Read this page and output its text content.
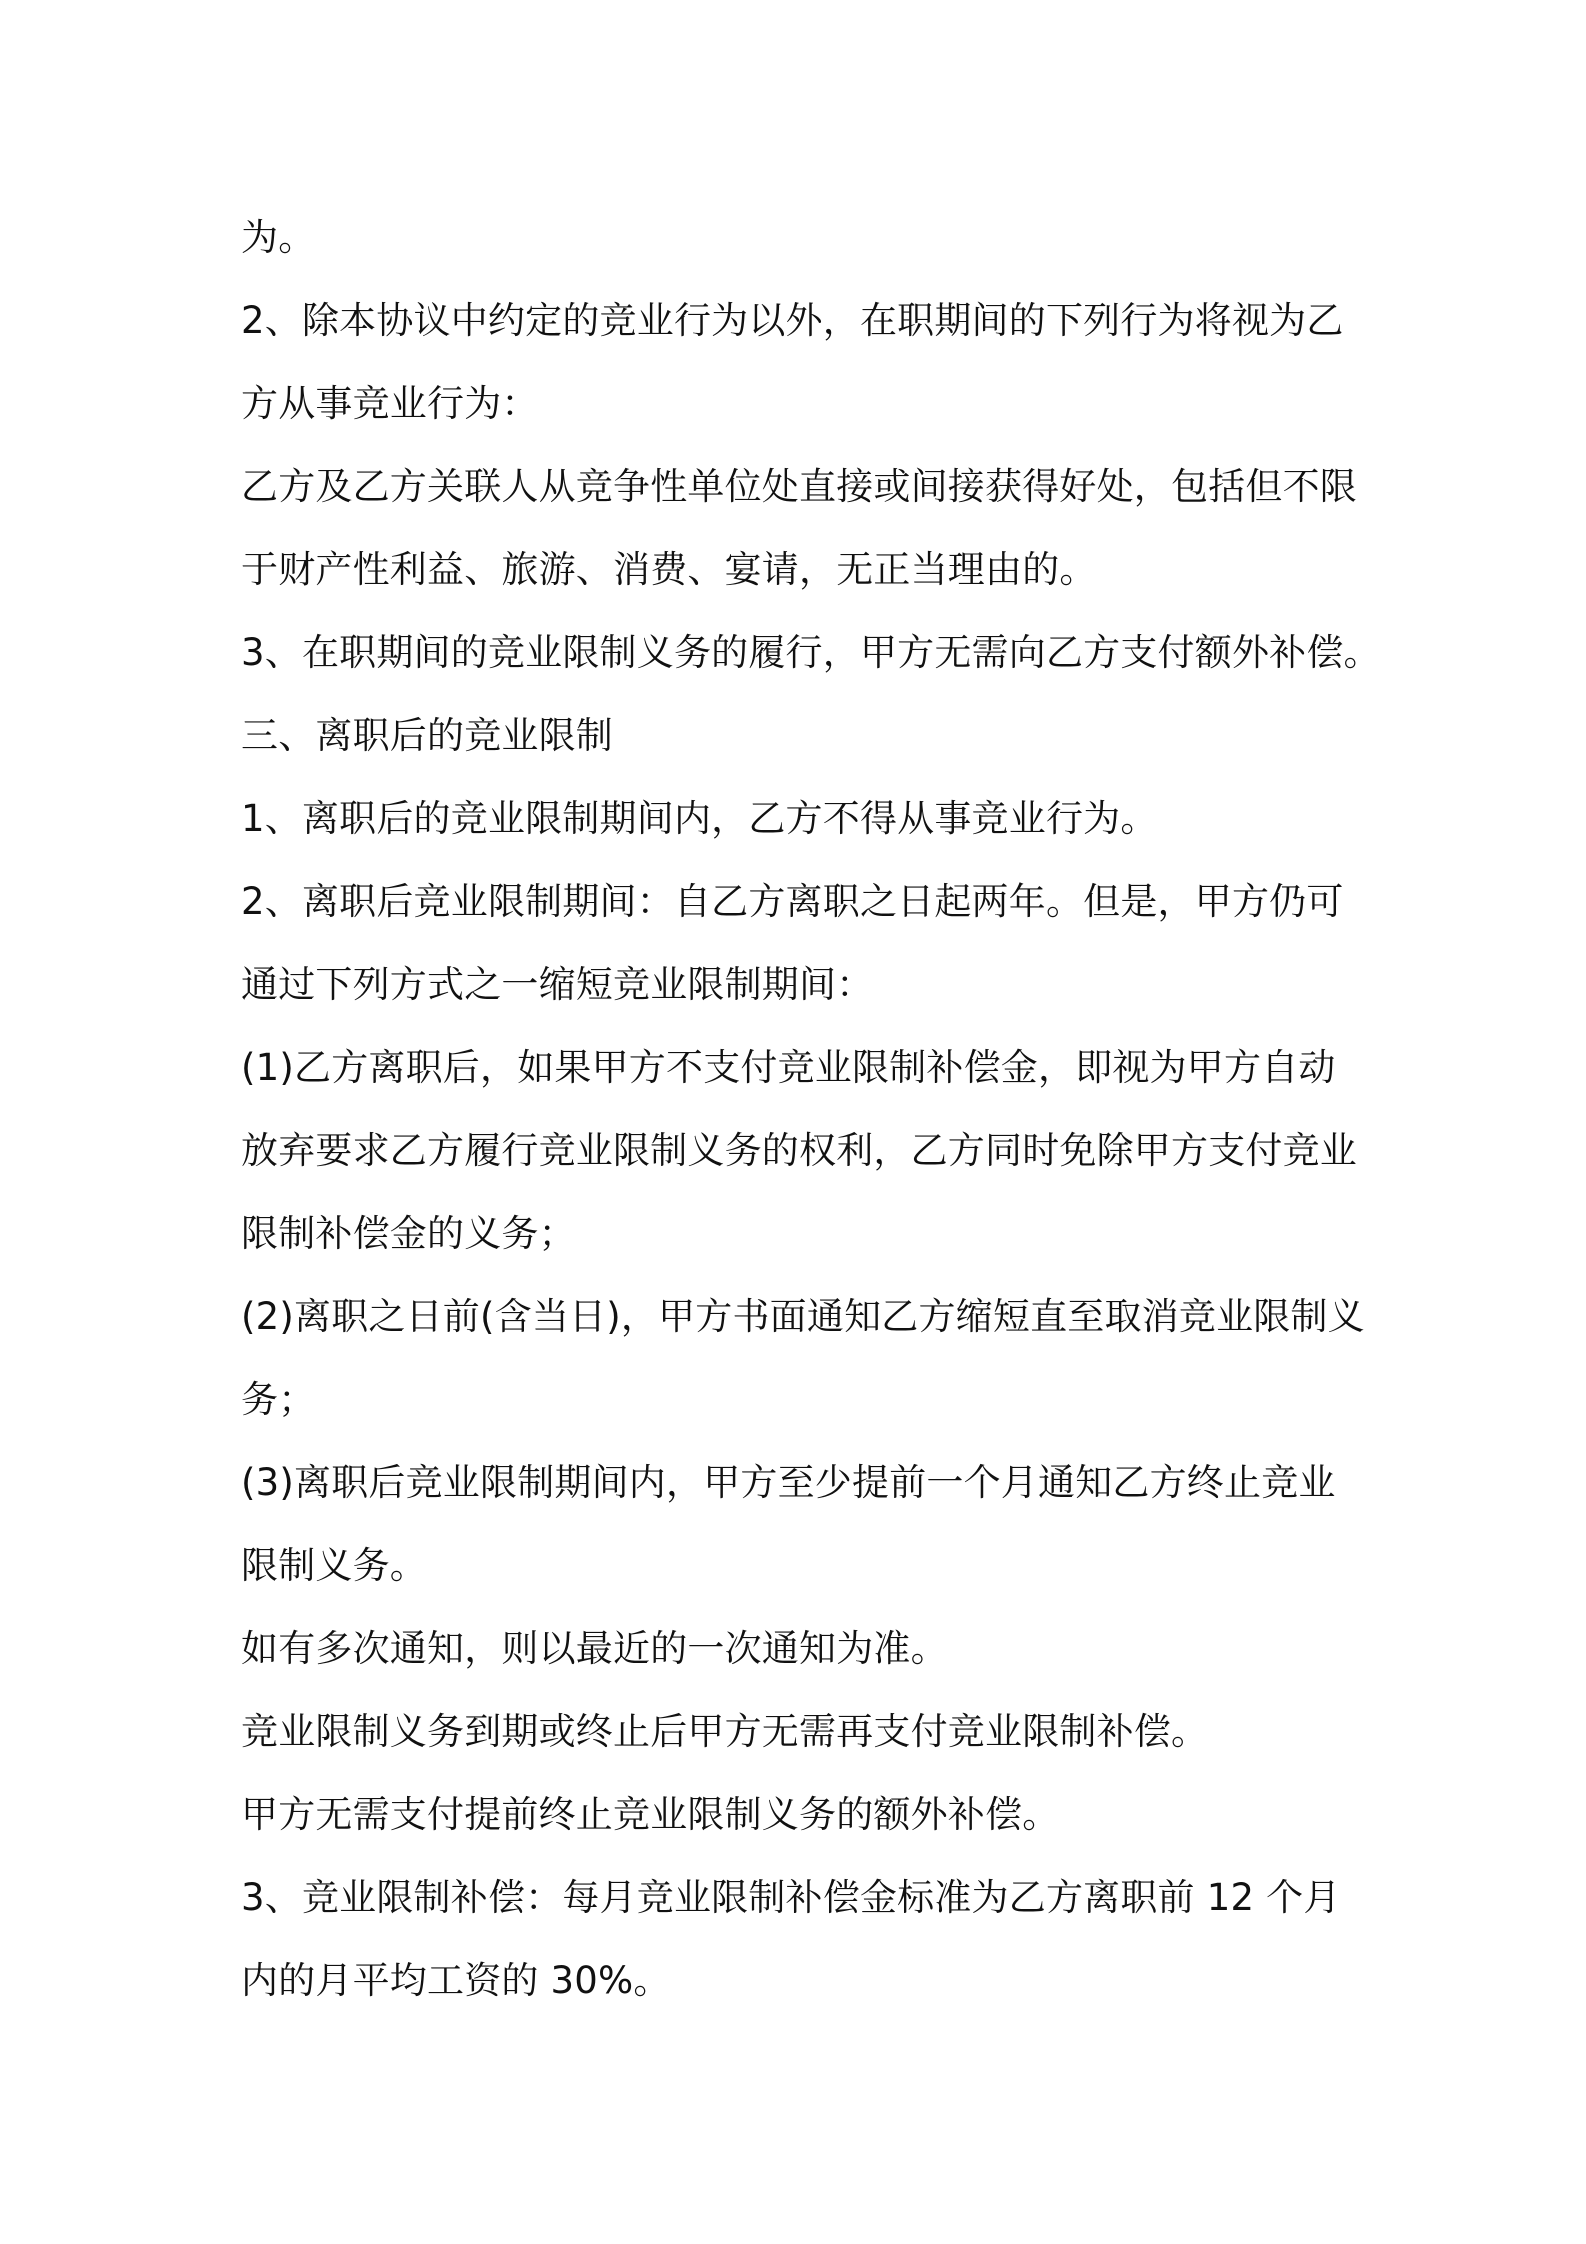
为。
2、除本协议中约定的竞业行为以外，在职期间的下列行为将视为乙
方从事竞业行为：
乙方及乙方关联人从竞争性单位处直接或间接获得好处，包括但不限
于财产性利益、旅游、消费、宴请，无正当理由的。
3、在职期间的竞业限制义务的履行，甲方无需向乙方支付额外补偿。
三、离职后的竞业限制
1、离职后的竞业限制期间内，乙方不得从事竞业行为。
2、离职后竞业限制期间：自乙方离职之日起两年。但是，甲方仍可
通过下列方式之一缩短竞业限制期间：
(1)乙方离职后，如果甲方不支付竞业限制补偿金，即视为甲方自动
放弃要求乙方履行竞业限制义务的权利，乙方同时免除甲方支付竞业
限制补偿金的义务；
(2)离职之日前(含当日)，甲方书面通知乙方缩短直至取消竞业限制义
务；
(3)离职后竞业限制期间内，甲方至少提前一个月通知乙方终止竞业
限制义务。
如有多次通知，则以最近的一次通知为准。
竞业限制义务到期或终止后甲方无需再支付竞业限制补偿。
甲方无需支付提前终止竞业限制义务的额外补偿。
3、竞业限制补偿：每月竞业限制补偿金标准为乙方离职前 12 个月
内的月平均工资的 30%。
